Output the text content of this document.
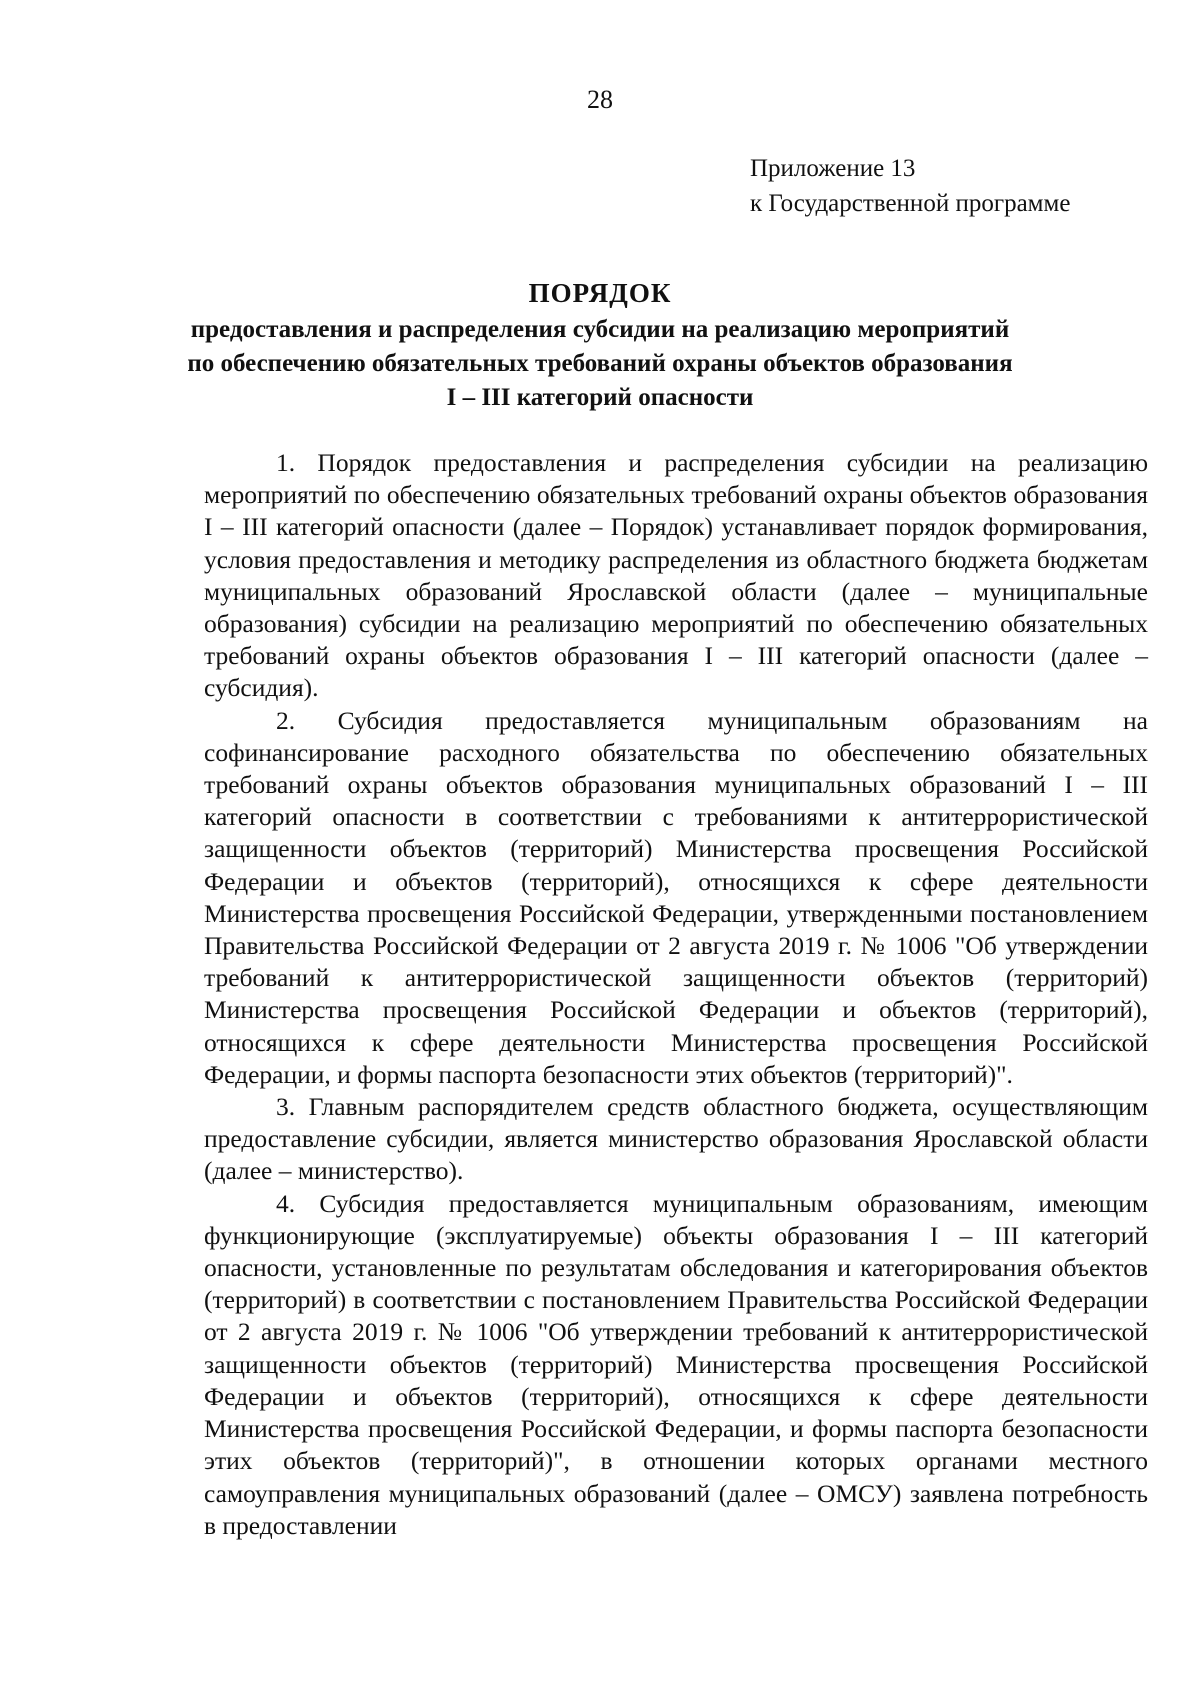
28
Приложение 13
к Государственной программе
ПОРЯДОК
предоставления и распределения субсидии на реализацию мероприятий
по обеспечению обязательных требований охраны объектов образования
I – III категорий опасности

1. Порядок предоставления и распределения субсидии на реализацию мероприятий по обеспечению обязательных требований охраны объектов образования I – III категорий опасности (далее – Порядок) устанавливает порядок формирования, условия предоставления и методику распределения из областного бюджета бюджетам муниципальных образований Ярославской области (далее – муниципальные образования) субсидии на реализацию мероприятий по обеспечению обязательных требований охраны объектов образования I – III категорий опасности (далее – субсидия).

2. Субсидия предоставляется муниципальным образованиям на софинансирование расходного обязательства по обеспечению обязательных требований охраны объектов образования муниципальных образований I – III категорий опасности в соответствии с требованиями к антитеррористической защищенности объектов (территорий) Министерства просвещения Российской Федерации и объектов (территорий), относящихся к сфере деятельности Министерства просвещения Российской Федерации, утвержденными постановлением Правительства Российской Федерации от 2 августа 2019 г. № 1006 "Об утверждении требований к антитеррористической защищенности объектов (территорий) Министерства просвещения Российской Федерации и объектов (территорий), относящихся к сфере деятельности Министерства просвещения Российской Федерации, и формы паспорта безопасности этих объектов (территорий)".

3. Главным распорядителем средств областного бюджета, осуществляющим предоставление субсидии, является министерство образования Ярославской области (далее – министерство).

4. Субсидия предоставляется муниципальным образованиям, имеющим функционирующие (эксплуатируемые) объекты образования I – III категорий опасности, установленные по результатам обследования и категорирования объектов (территорий) в соответствии с постановлением Правительства Российской Федерации от 2 августа 2019 г. № 1006 "Об утверждении требований к антитеррористической защищенности объектов (территорий) Министерства просвещения Российской Федерации и объектов (территорий), относящихся к сфере деятельности Министерства просвещения Российской Федерации, и формы паспорта безопасности этих объектов (территорий)", в отношении которых органами местного самоуправления муниципальных образований (далее – ОМСУ) заявлена потребность в предоставлении
